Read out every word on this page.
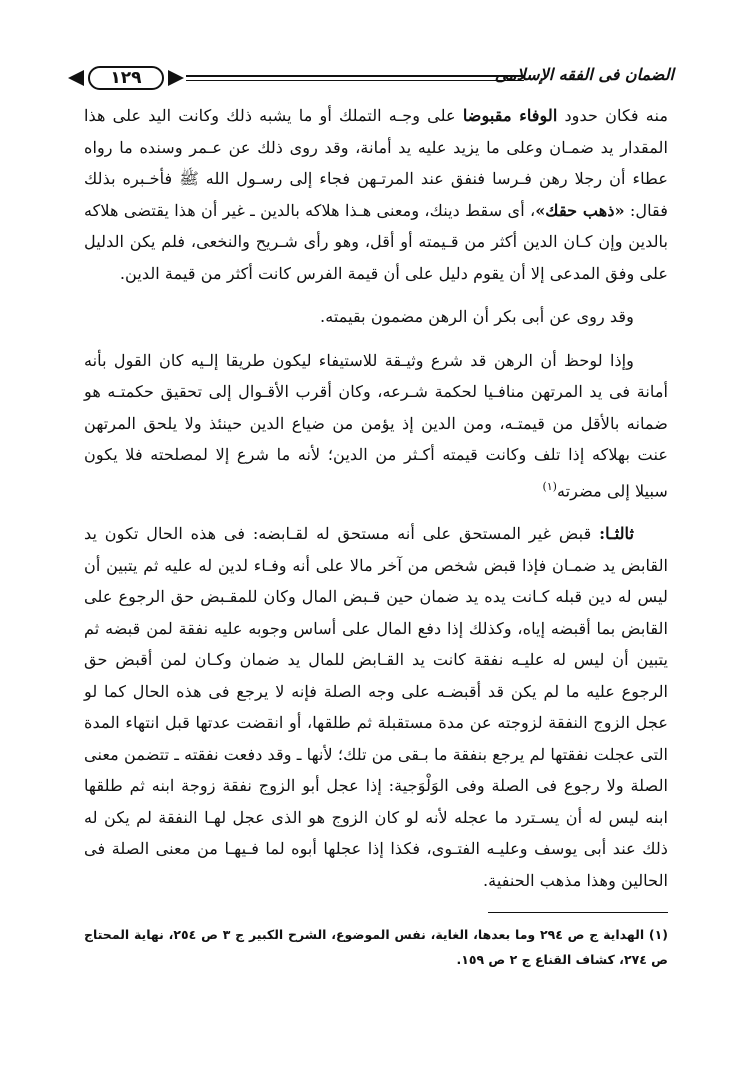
١٢٩	الضمان فى الفقه الإسلامى

منه فكان حدود الوفاء مقبوضا على وجـه التملك أو ما يشبه ذلك وكانت اليد على هذا المقدار يد ضمـان وعلى ما يزيد عليه يد أمانة، وقد روى ذلك عن عـمر وسنده ما رواه عطاء أن رجلا رهن فـرسا فنفق عند المرتـهن فجاء إلى رسـول الله ﷺ فأخـبره بذلك فقال: «ذهب حقك»، أى سقط دينك، ومعنى هـذا هلاكه بالدين ـ غير أن هذا يقتضى هلاكه بالدين وإن كـان الدين أكثر من قـيمته أو أقل، وهو رأى شـريح والنخعى، فلم يكن الدليل على وفق المدعى إلا أن يقوم دليل على أن قيمة الفرس كانت أكثر من قيمة الدين.

وقد روى عن أبى بكر أن الرهن مضمون بقيمته.

وإذا لوحظ أن الرهن قد شرع وثيـقة للاستيفاء ليكون طريقا إلـيه كان القول بأنه أمانة فى يد المرتهن منافـيا لحكمة شـرعه، وكان أقرب الأقـوال إلى تحقيق حكمتـه هو ضمانه بالأقل من قيمتـه، ومن الدين إذ يؤمن من ضياع الدين حينئذ ولا يلحق المرتهن عنت بهلاكه إذا تلف وكانت قيمته أكـثر من الدين؛ لأنه ما شرع إلا لمصلحته فلا يكون سبيلا إلى مضرته$^{(١)}$

ثالثـا: قبض غير المستحق على أنه مستحق له لقـابضه: فى هذه الحال تكون يد القابض يد ضمـان فإذا قبض شخص من آخر مالا على أنه وفـاء لدين له عليه ثم يتبين أن ليس له دين قبله كـانت يده يد ضمان حين قـبض المال وكان للمقـبض حق الرجوع على القابض بما أقبضه إياه، وكذلك إذا دفع المال على أساس وجوبه عليه نفقة لمن قبضه ثم يتبين أن ليس له عليـه نفقة كانت يد القـابض للمال يد ضمان وكـان لمن أقبض حق الرجوع عليه ما لم يكن قد أقبضـه على وجه الصلة فإنه لا يرجع فى هذه الحال كما لو عجل الزوج النفقة لزوجته عن مدة مستقبلة ثم طلقها، أو انقضت عدتها قبل انتهاء المدة التى عجلت نفقتها لم يرجع بنفقة ما بـقى من تلك؛ لأنها ـ وقد دفعت نفقته ـ تتضمن معنى الصلة ولا رجوع فى الصلة وفى الوَلْوَجية: إذا عجل أبو الزوج نفقة زوجة ابنه ثم طلقها ابنه ليس له أن يسـترد ما عجله لأنه لو كان الزوج هو الذى عجل لهـا النفقة لم يكن له ذلك عند أبى يوسف وعليـه الفتـوى، فكذا إذا عجلها أبوه لما فـيهـا من معنى الصلة فى الحالين وهذا مذهب الحنفية.

(١) الهداية ج ص ٢٩٤ وما بعدها، الغاية، نفس الموضوع، الشرح الكبير ج ٣ ص ٢٥٤، نهاية المحتاج ص ٢٧٤، كشاف القناع ج ٢ ص ١٥٩.
